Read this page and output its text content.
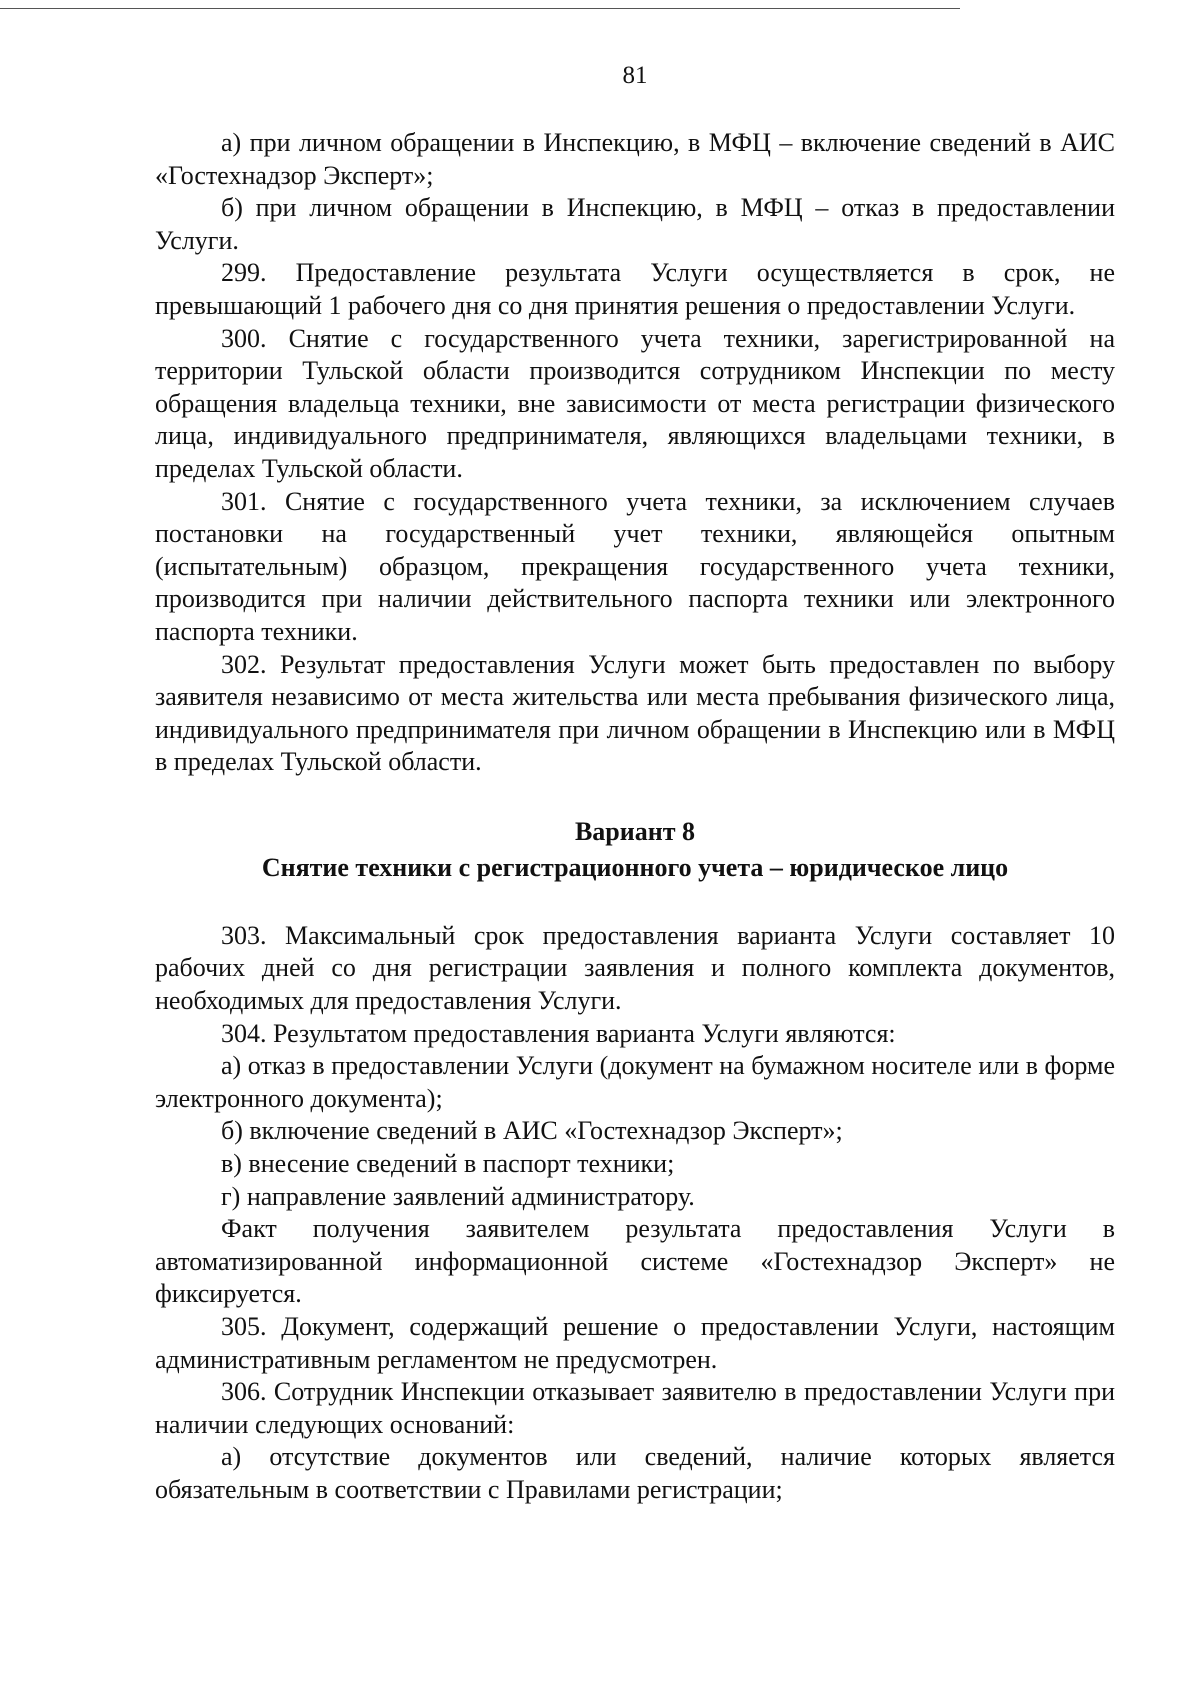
81

а) при личном обращении в Инспекцию, в МФЦ – включение сведений в АИС «Гостехнадзор Эксперт»;

б) при личном обращении в Инспекцию, в МФЦ – отказ в предоставлении Услуги.

299. Предоставление результата Услуги осуществляется в срок, не превышающий 1 рабочего дня со дня принятия решения о предоставлении Услуги.

300. Снятие с государственного учета техники, зарегистрированной на территории Тульской области производится сотрудником Инспекции по месту обращения владельца техники, вне зависимости от места регистрации физического лица, индивидуального предпринимателя, являющихся владельцами техники, в пределах Тульской области.

301. Снятие с государственного учета техники, за исключением случаев постановки на государственный учет техники, являющейся опытным (испытательным) образцом, прекращения государственного учета техники, производится при наличии действительного паспорта техники или электронного паспорта техники.

302. Результат предоставления Услуги может быть предоставлен по выбору заявителя независимо от места жительства или места пребывания физического лица, индивидуального предпринимателя при личном обращении в Инспекцию или в МФЦ в пределах Тульской области.

Вариант 8
Снятие техники с регистрационного учета – юридическое лицо

303. Максимальный срок предоставления варианта Услуги составляет 10 рабочих дней со дня регистрации заявления и полного комплекта документов, необходимых для предоставления Услуги.

304. Результатом предоставления варианта Услуги являются:

а) отказ в предоставлении Услуги (документ на бумажном носителе или в форме электронного документа);

б) включение сведений в АИС «Гостехнадзор Эксперт»;

в) внесение сведений в паспорт техники;

г) направление заявлений администратору.

Факт получения заявителем результата предоставления Услуги в автоматизированной информационной системе «Гостехнадзор Эксперт» не фиксируется.

305. Документ, содержащий решение о предоставлении Услуги, настоящим административным регламентом не предусмотрен.

306. Сотрудник Инспекции отказывает заявителю в предоставлении Услуги при наличии следующих оснований:

а) отсутствие документов или сведений, наличие которых является обязательным в соответствии с Правилами регистрации;
